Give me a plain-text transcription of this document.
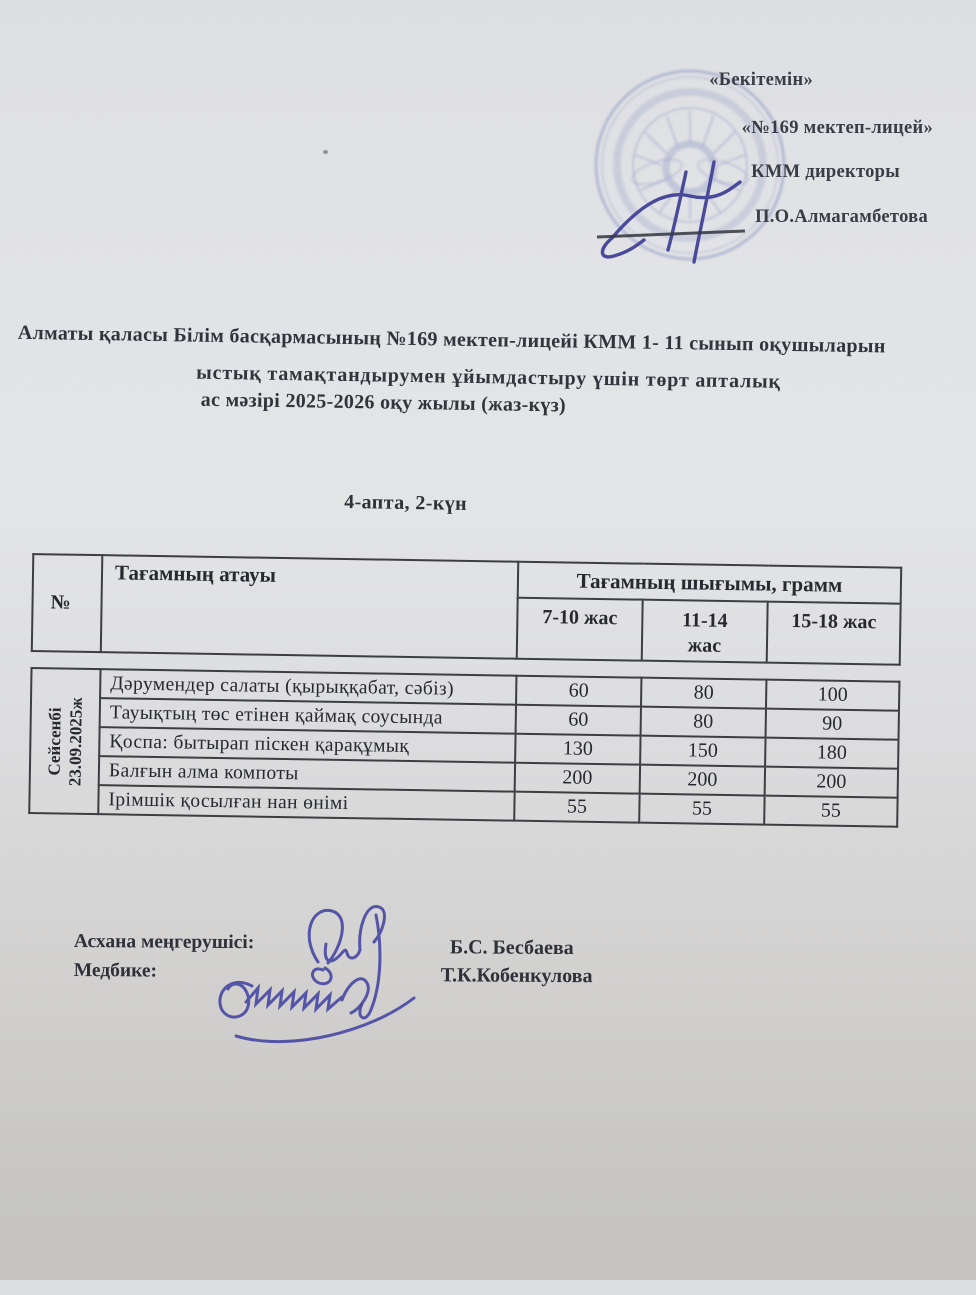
«Бекітемін»
«№169 мектеп-лицей»
КММ директоры
П.О.Алмагамбетова
Алматы қаласы Білім басқармасының №169 мектеп-лицейі КММ 1- 11 сынып оқушыларын
ыстық тамақтандырумен ұйымдастыру үшін төрт апталық
ас мәзірі 2025-2026 оқу жылы (жаз-күз)
4-апта, 2-күн
№	Тағамның атауы	Тағамның шығымы, грамм		
		7-10 жас	11-14 жас	15-18 жас
Сейсенбі 23.09.2025ж	Дәрумендер салаты (қырыққабат, сәбіз)	60	80	100
	Тауықтың төс етінен қаймақ соусында	60	80	90
	Қоспа: бытырап піскен қарақұмық	130	150	180
	Балғын алма компоты	200	200	200
	Ірімшік қосылған нан өнімі	55	55	55
Асхана меңгерушісі:
Медбике:
Б.С. Бесбаева
Т.К.Кобенкулова
